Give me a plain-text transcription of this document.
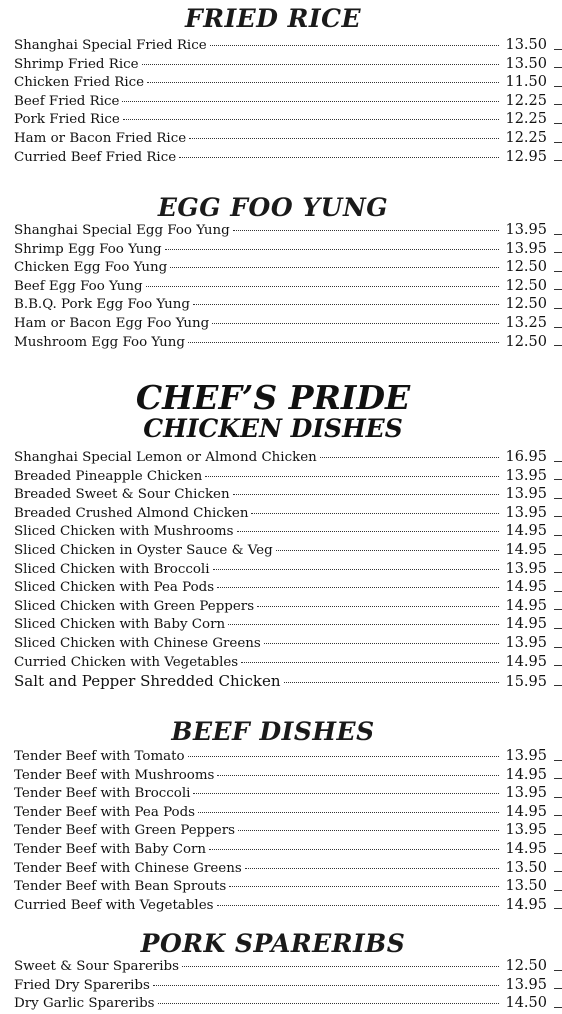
FRIED RICE
Shanghai Special Fried Rice	13.50
Shrimp Fried Rice	13.50
Chicken Fried Rice	11.50
Beef Fried Rice	12.25
Pork Fried Rice	12.25
Ham or Bacon Fried Rice	12.25
Curried Beef Fried Rice	12.95
EGG FOO YUNG
Shanghai Special Egg Foo Yung	13.95
Shrimp Egg Foo Yung	13.95
Chicken Egg Foo Yung	12.50
Beef Egg Foo Yung	12.50
B.B.Q. Pork Egg Foo Yung	12.50
Ham or Bacon Egg Foo Yung	13.25
Mushroom Egg Foo Yung	12.50
CHEF’S PRIDE
CHICKEN DISHES
Shanghai Special Lemon or Almond Chicken	16.95
Breaded Pineapple Chicken	13.95
Breaded Sweet & Sour Chicken	13.95
Breaded Crushed Almond Chicken	13.95
Sliced Chicken with Mushrooms	14.95
Sliced Chicken in Oyster Sauce & Veg	14.95
Sliced Chicken with Broccoli	13.95
Sliced Chicken with Pea Pods	14.95
Sliced Chicken with Green Peppers	14.95
Sliced Chicken with Baby Corn	14.95
Sliced Chicken with Chinese Greens	13.95
Curried Chicken with Vegetables	14.95
Salt and Pepper Shredded Chicken	15.95
BEEF DISHES
Tender Beef with Tomato	13.95
Tender Beef with Mushrooms	14.95
Tender Beef with Broccoli	13.95
Tender Beef with Pea Pods	14.95
Tender Beef with Green Peppers	13.95
Tender Beef with Baby Corn	14.95
Tender Beef with Chinese Greens	13.50
Tender Beef with Bean Sprouts	13.50
Curried Beef with Vegetables	14.95
PORK SPARERIBS
Sweet & Sour Spareribs	12.50
Fried Dry Spareribs	13.95
Dry Garlic Spareribs	14.50
